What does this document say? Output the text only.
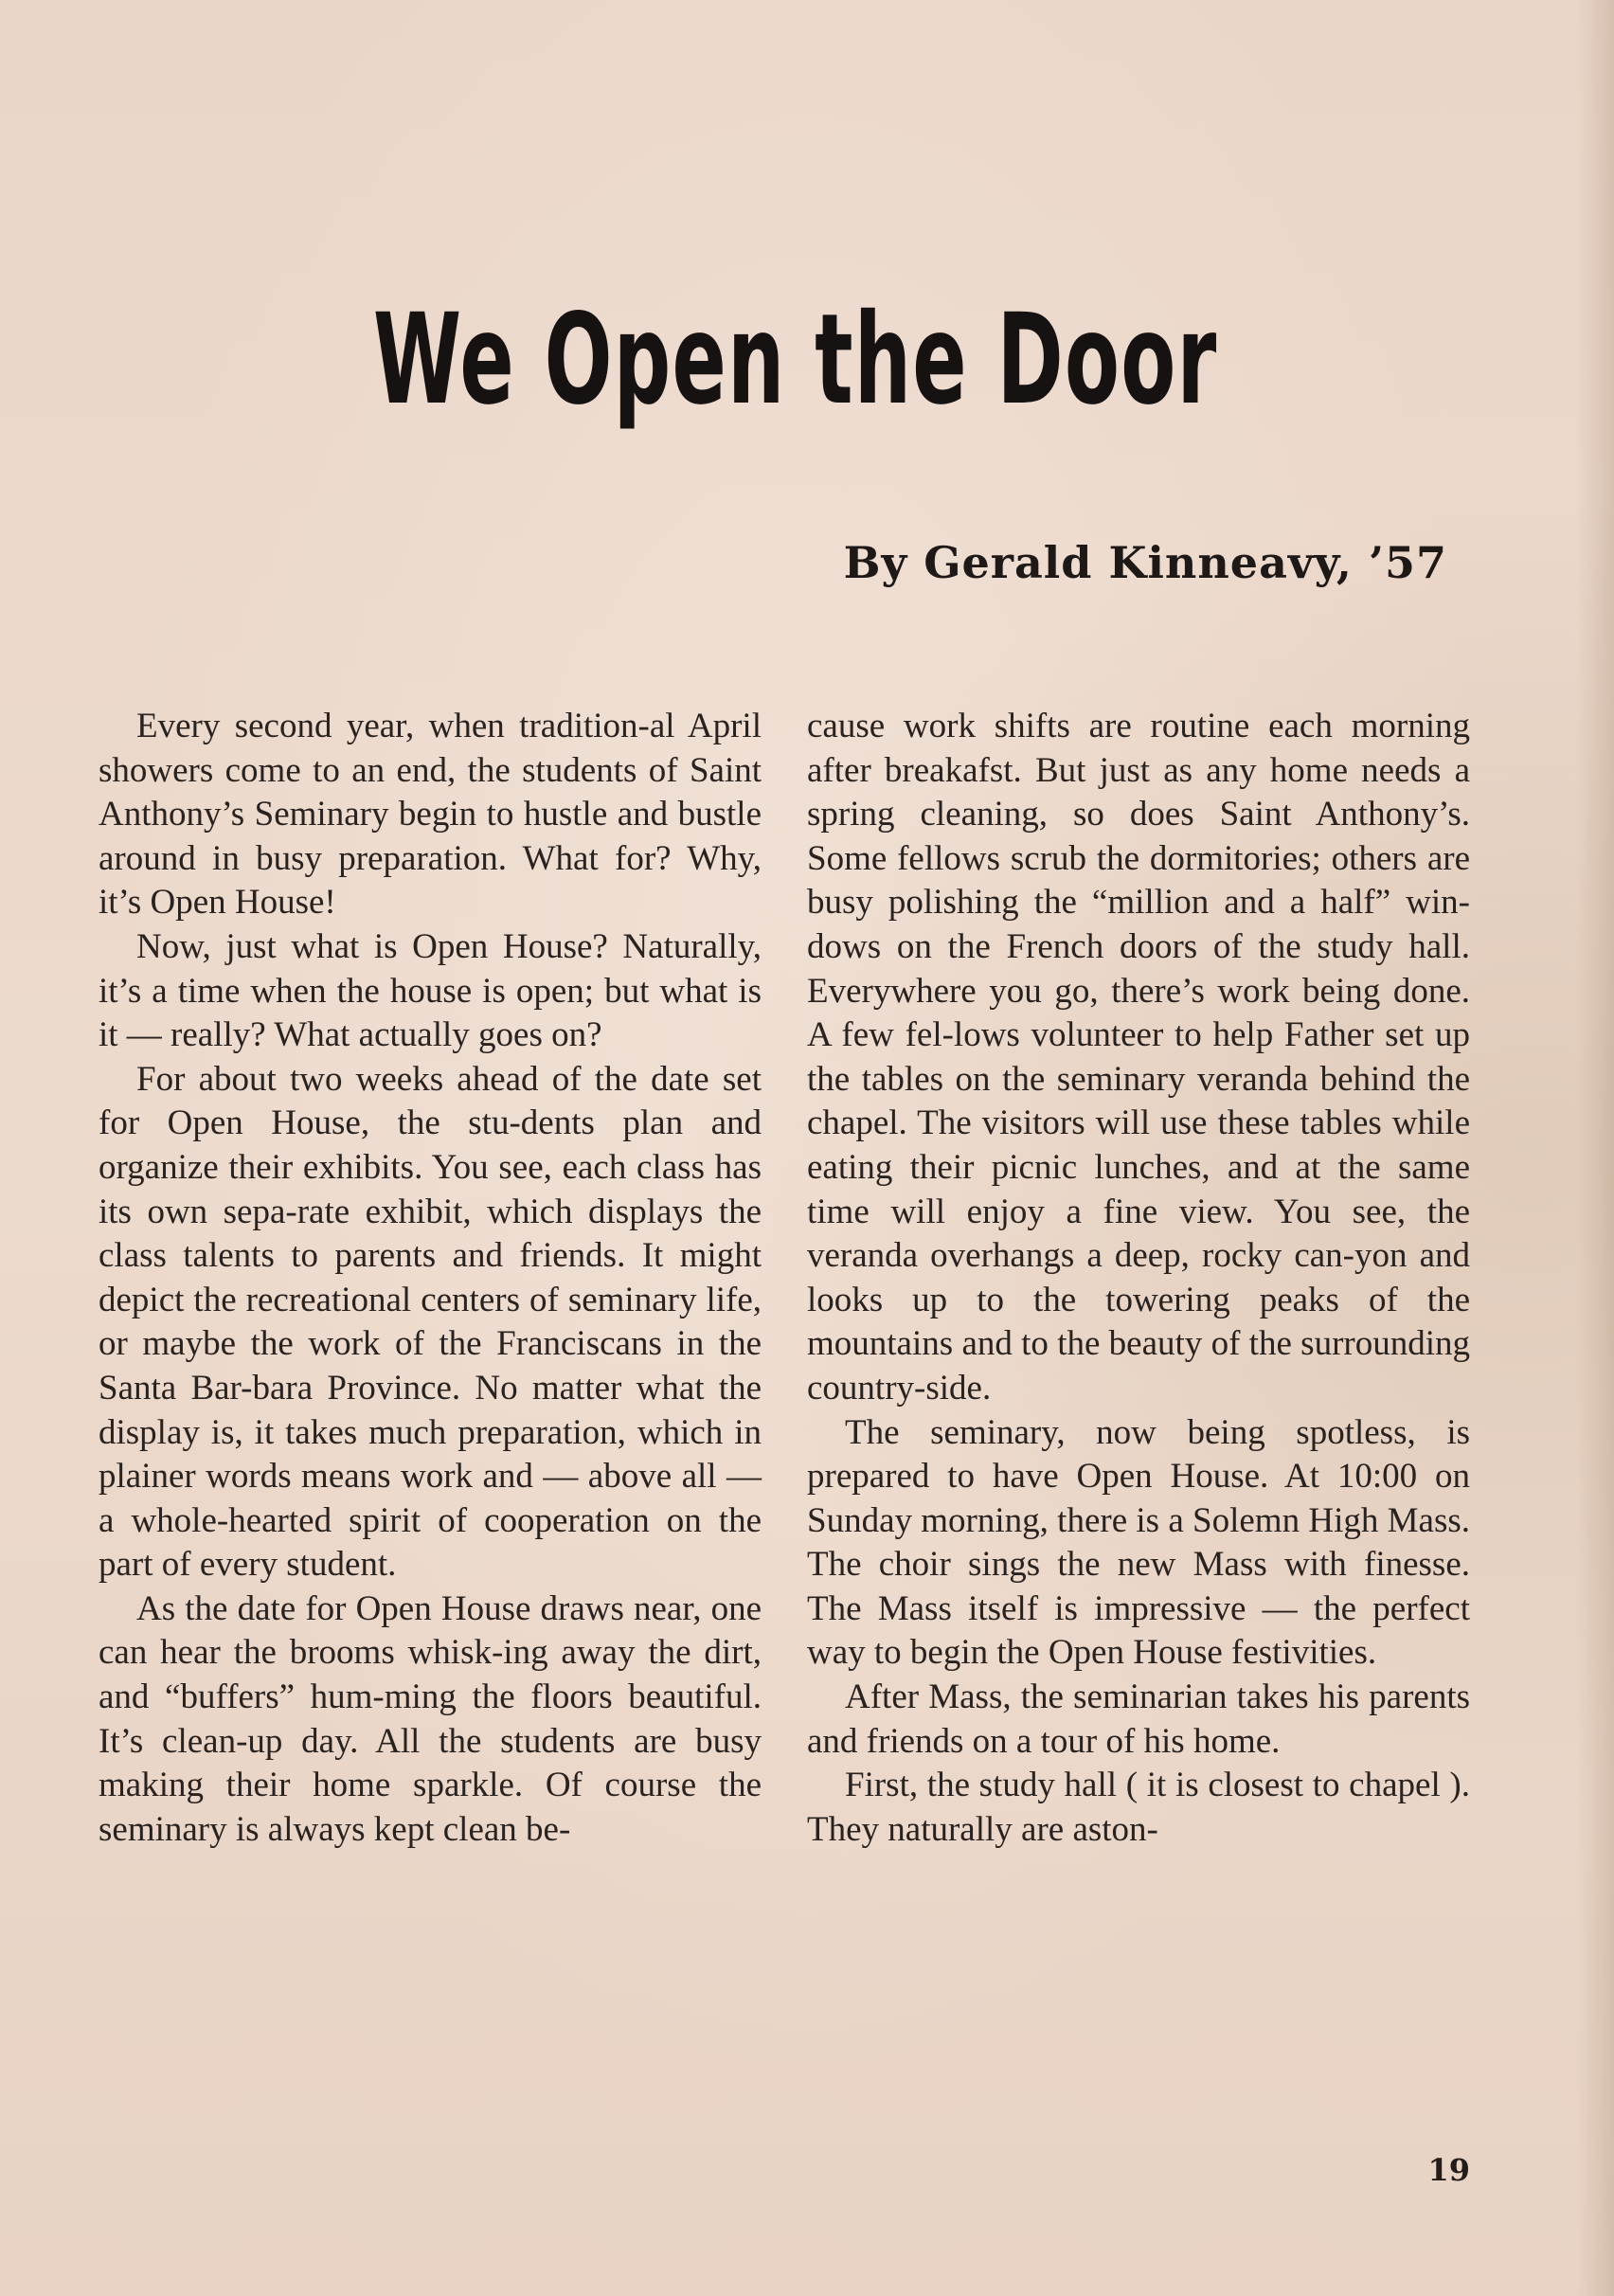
We Open the Door

By Gerald Kinneavy, ’57

Every second year, when tradition-al April showers come to an end, the students of Saint Anthony’s Seminary begin to hustle and bustle around in busy preparation. What for? Why, it’s Open House!

Now, just what is Open House? Naturally, it’s a time when the house is open; but what is it — really? What actually goes on?

For about two weeks ahead of the date set for Open House, the stu-dents plan and organize their exhibits. You see, each class has its own sepa-rate exhibit, which displays the class talents to parents and friends. It might depict the recreational centers of seminary life, or maybe the work of the Franciscans in the Santa Bar-bara Province. No matter what the display is, it takes much preparation, which in plainer words means work and — above all — a whole-hearted spirit of cooperation on the part of every student.

As the date for Open House draws near, one can hear the brooms whisk-ing away the dirt, and “buffers” hum-ming the floors beautiful. It’s clean-up day. All the students are busy making their home sparkle. Of course the seminary is always kept clean be-

cause work shifts are routine each morning after breakafst. But just as any home needs a spring cleaning, so does Saint Anthony’s. Some fellows scrub the dormitories; others are busy polishing the “million and a half” win-dows on the French doors of the study hall. Everywhere you go, there’s work being done. A few fel-lows volunteer to help Father set up the tables on the seminary veranda behind the chapel. The visitors will use these tables while eating their picnic lunches, and at the same time will enjoy a fine view. You see, the veranda overhangs a deep, rocky can-yon and looks up to the towering peaks of the mountains and to the beauty of the surrounding country-side.

The seminary, now being spotless, is prepared to have Open House. At 10:00 on Sunday morning, there is a Solemn High Mass. The choir sings the new Mass with finesse. The Mass itself is impressive — the perfect way to begin the Open House festivities.

After Mass, the seminarian takes his parents and friends on a tour of his home.

First, the study hall ( it is closest to chapel ). They naturally are aston-

19
